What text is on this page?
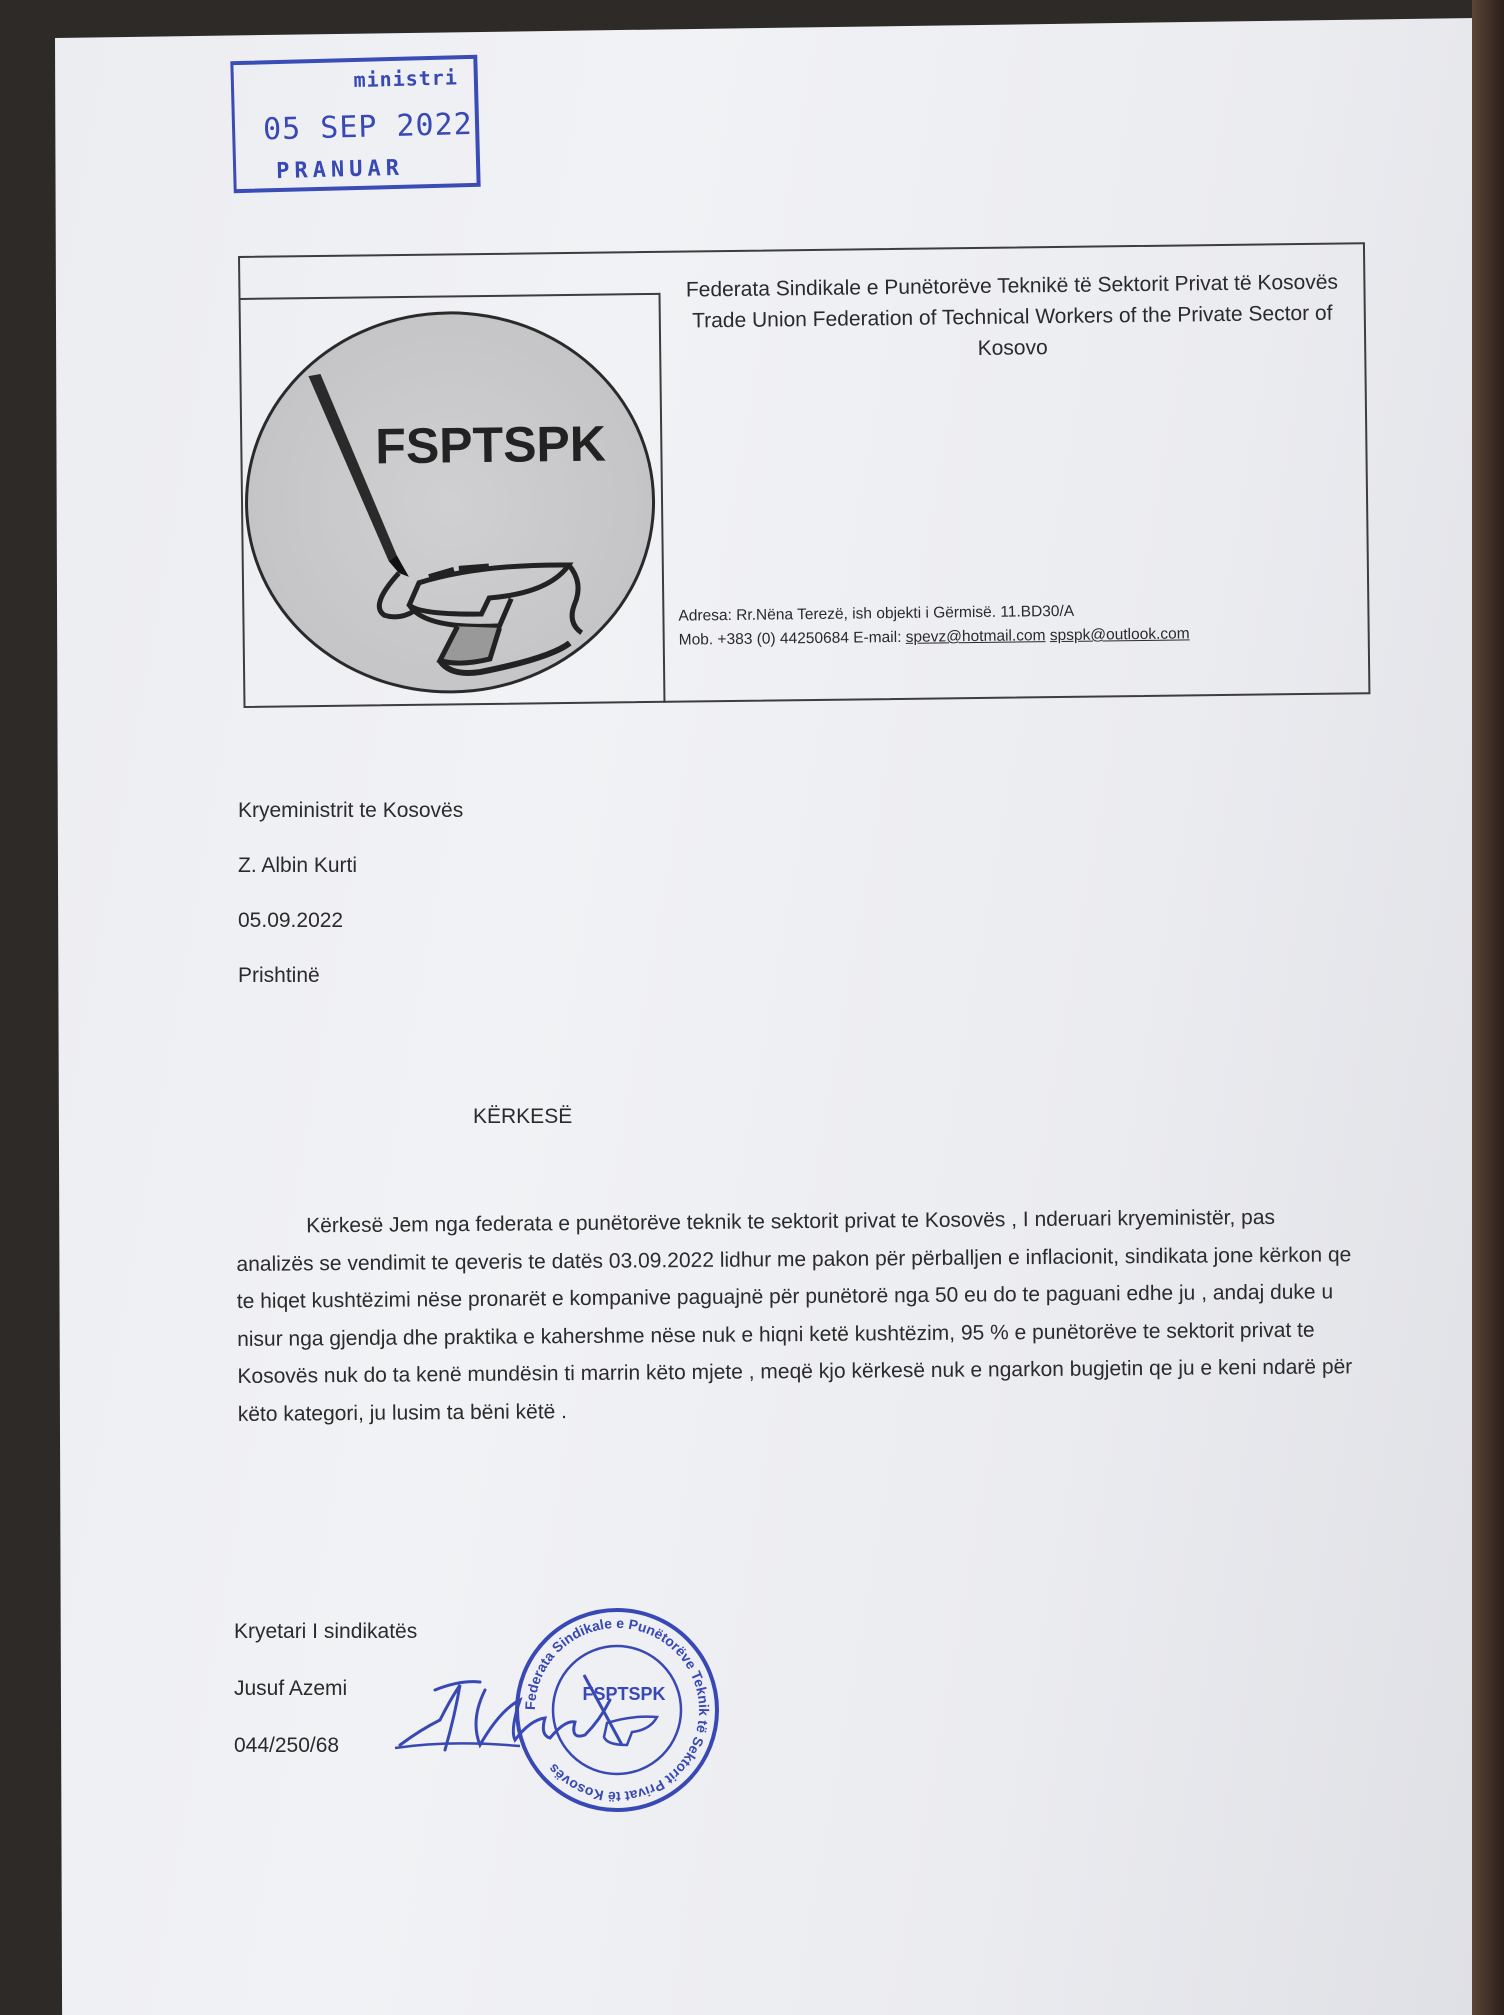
ministri
05 SEP 2022
PRANUAR
FSPTSPK
Federata Sindikale e Punëtorëve Teknikë të Sektorit Privat të Kosovës
Trade Union Federation of Technical Workers of the Private Sector of Kosovo
Adresa: Rr.Nëna Terezë, ish objekti i Gërmisë. 11.BD30/A
Mob. +383 (0) 44250684 E-mail: spevz@hotmail.com spspk@outlook.com
Kryeministrit te Kosovës
Z. Albin Kurti
05.09.2022
Prishtinë
KËRKESË
Kërkesë Jem nga federata e punëtorëve teknik te sektorit privat te Kosovës , I nderuari kryeministër, pas analizës se vendimit te qeveris te datës 03.09.2022 lidhur me pakon për përballjen e inflacionit, sindikata jone kërkon qe te hiqet kushtëzimi nëse pronarët e kompanive paguajnë për punëtorë nga 50 eu do te paguani edhe ju , andaj duke u nisur nga gjendja dhe praktika e kahershme nëse nuk e hiqni ketë kushtëzim, 95 % e punëtorëve te sektorit privat te Kosovës nuk do ta kenë mundësin ti marrin këto mjete , meqë kjo kërkesë nuk e ngarkon bugjetin qe ju e keni ndarë për këto kategori, ju lusim ta bëni këtë .
Kryetari I sindikatës
Jusuf Azemi
044/250/68
Federata Sindikale e Punëtorëve Teknik të Sektorit Privat të Kosovës
FSPTSPK
